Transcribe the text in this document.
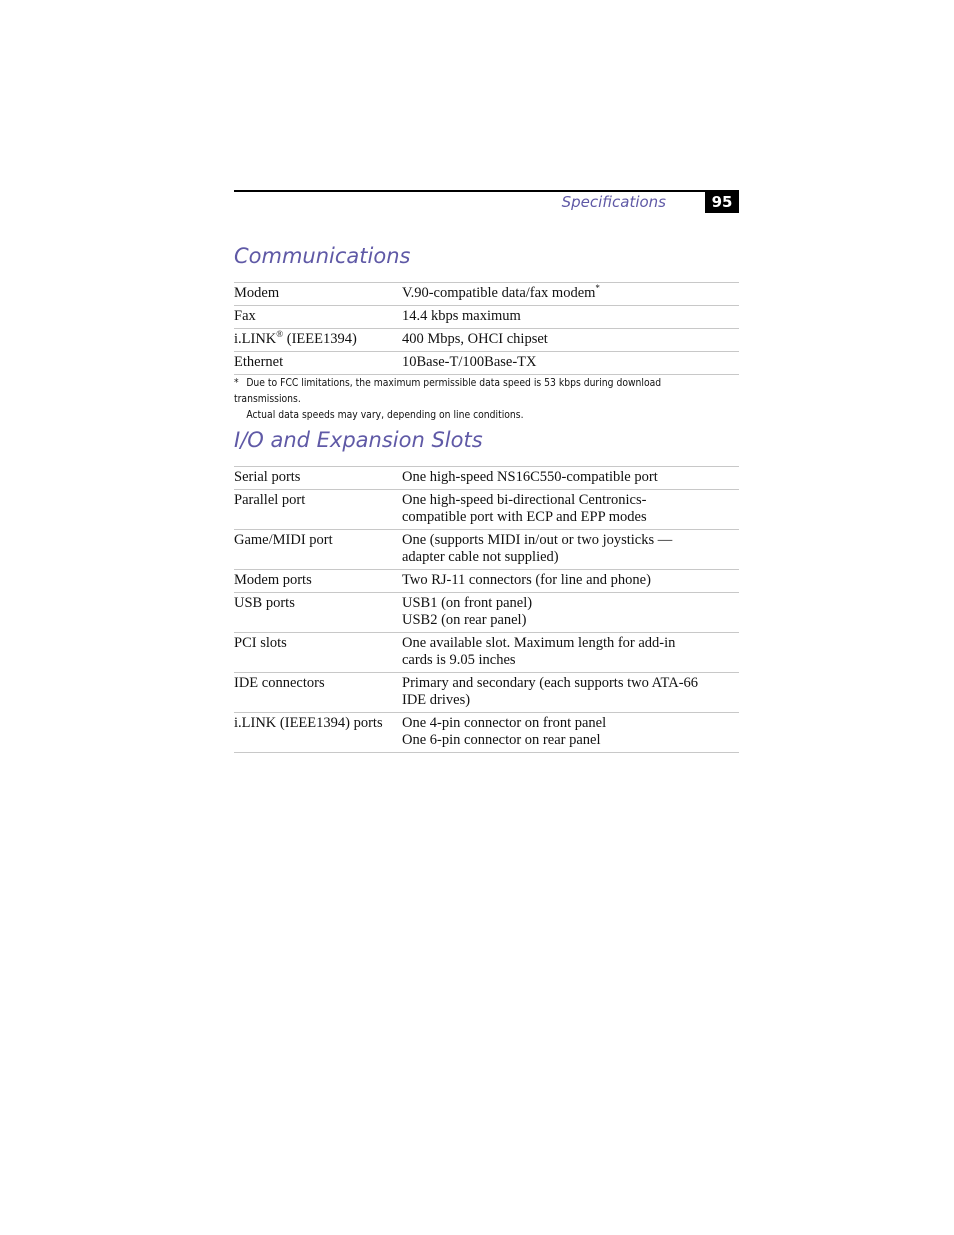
Specifications	95
Communications
Modem	V.90-compatible data/fax modem*
Fax	14.4 kbps maximum
i.LINK® (IEEE1394)	400 Mbps, OHCI chipset
Ethernet	10Base-T/100Base-TX
* Due to FCC limitations, the maximum permissible data speed is 53 kbps during download transmissions.
Actual data speeds may vary, depending on line conditions.
I/O and Expansion Slots
Serial ports	One high-speed NS16C550-compatible port

Parallel port	One high-speed bi-directional Centronics-
compatible port with ECP and EPP modes

Game/MIDI port	One (supports MIDI in/out or two joysticks —
adapter cable not supplied)

Modem ports	Two RJ-11 connectors (for line and phone)

USB ports	USB1 (on front panel)
USB2 (on rear panel)

PCI slots	One available slot. Maximum length for add-in
cards is 9.05 inches

IDE connectors	Primary and secondary (each supports two ATA-66
IDE drives)

i.LINK (IEEE1394) ports	One 4-pin connector on front panel
One 6-pin connector on rear panel
